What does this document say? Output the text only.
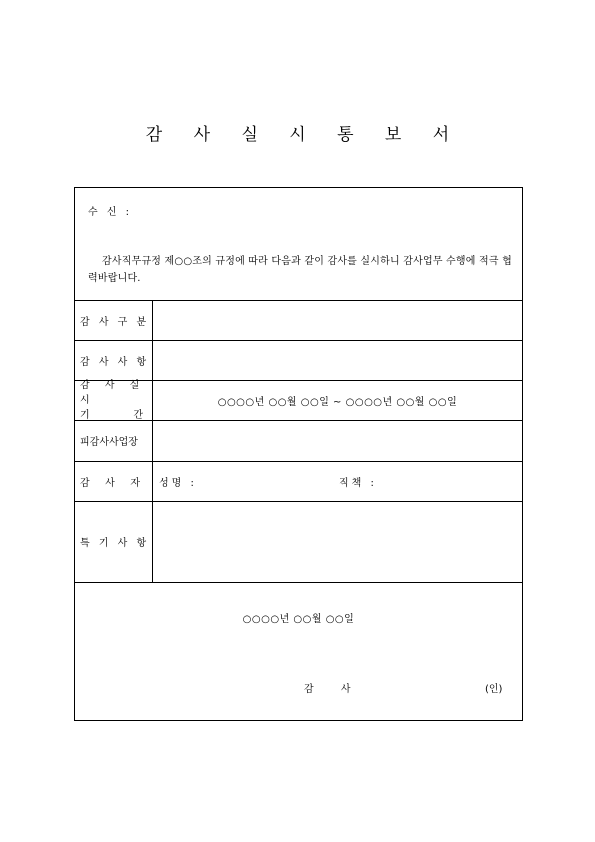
감 사 실 시 통 보 서
수 신 :
감사직무규정 제○○조의 규정에 따라 다음과 같이 감사를 실시하니 감사업무 수행에 적극 협력바랍니다.
감 사 구 분
감 사 사 항
감 사 실 시
기	간
○○○○년 ○○월 ○○일 ~ ○○○○년 ○○월 ○○일
피감사사업장
감 사 자 성명 :	직책 :
특 기 사 항
○○○○년 ○○월 ○○일
감 사	(인)
